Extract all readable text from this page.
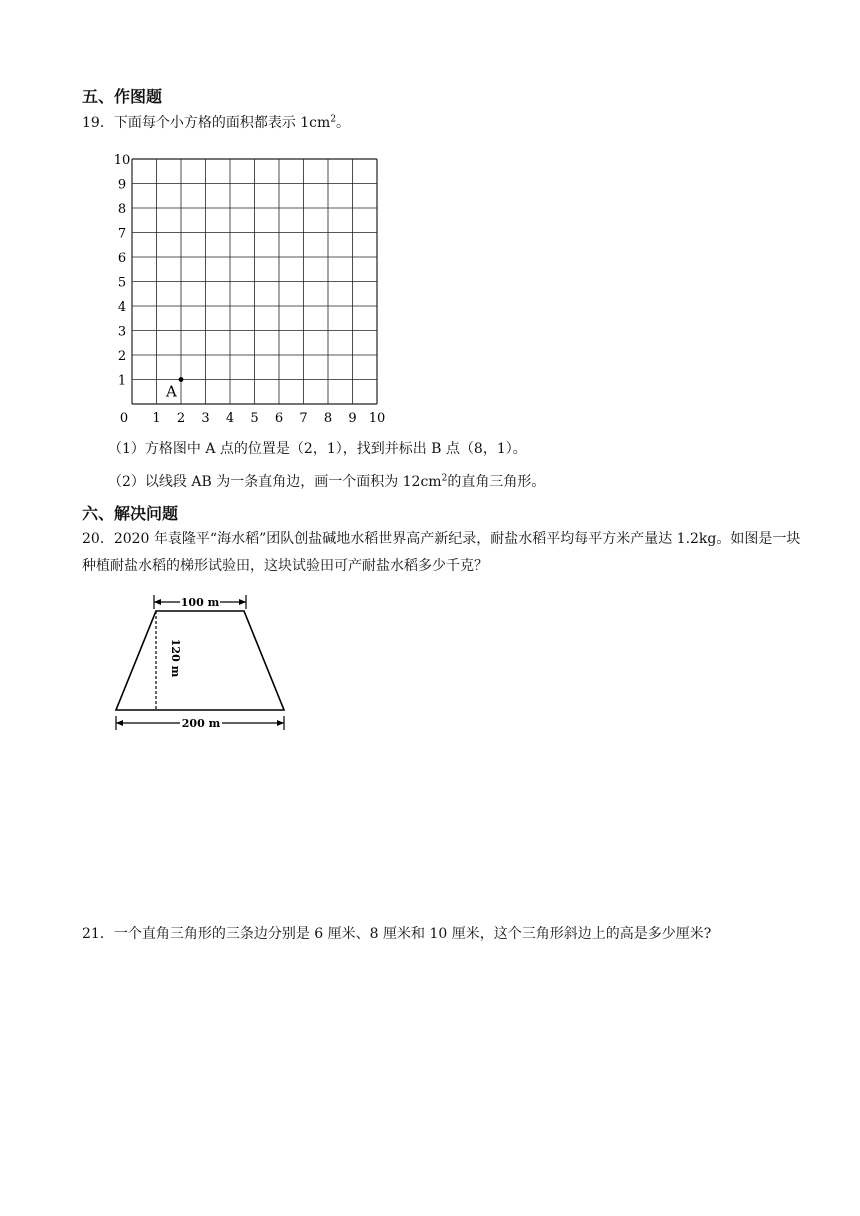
五、作图题
19．下面每个小方格的面积都表示 $1cm^2$。
0 1 2 3 4 5 6 7 8 9 10
1
2
3
4
5
6
7
8
9
10
A
（1）方格图中 A 点的位置是（2，1），找到并标出 B 点（8，1）。
（2）以线段 AB 为一条直角边，画一个面积为 $12cm^2$的直角三角形。
六、解决问题
20．2020 年袁隆平“海水稻”团队创盐碱地水稻世界高产新纪录，耐盐水稻平均每平方米产量达 1.2kg。如图是一块种植耐盐水稻的梯形试验田，这块试验田可产耐盐水稻多少千克？
100 m
120 m
200 m
21．一个直角三角形的三条边分别是 6 厘米、8 厘米和 10 厘米，这个三角形斜边上的高是多少厘米?
